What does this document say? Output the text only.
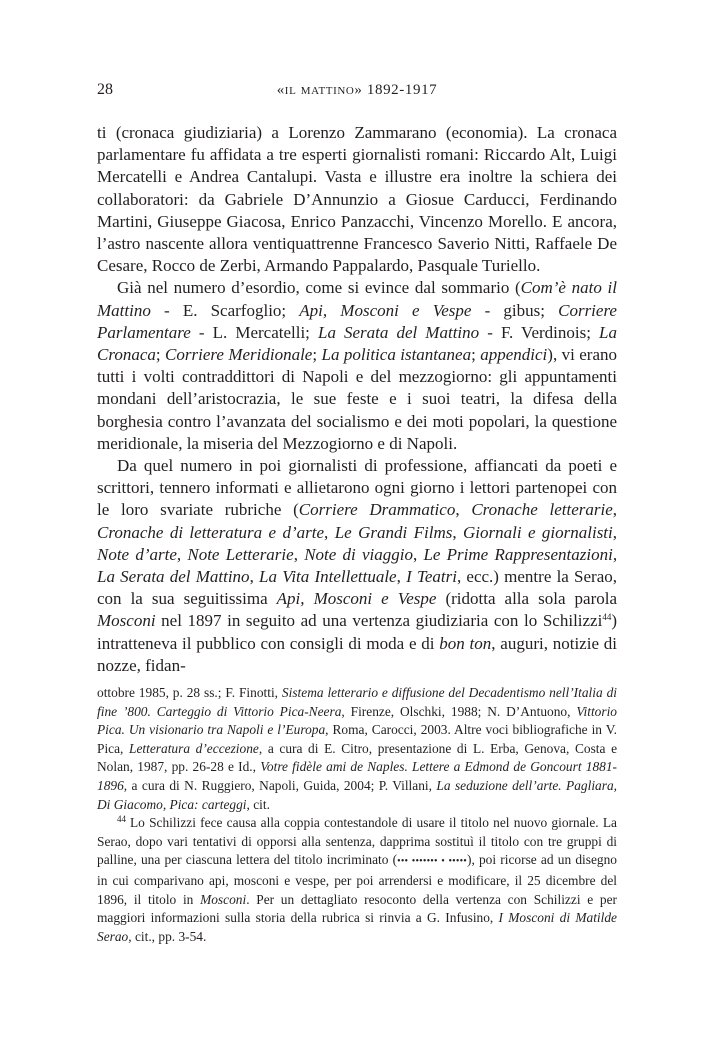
28	«il mattino» 1892-1917

ti (cronaca giudiziaria) a Lorenzo Zammarano (economia). La cronaca parlamentare fu affidata a tre esperti giornalisti romani: Riccardo Alt, Luigi Mercatelli e Andrea Cantalupi. Vasta e illustre era inoltre la schiera dei collaboratori: da Gabriele D’Annunzio a Giosue Carducci, Ferdinando Martini, Giuseppe Giacosa, Enrico Panzacchi, Vincenzo Morello. E ancora, l’astro nascente allora ventiquattrenne Francesco Saverio Nitti, Raffaele De Cesare, Rocco de Zerbi, Armando Pappalardo, Pasquale Turiello.

Già nel numero d’esordio, come si evince dal sommario (Com’è nato il Mattino - E. Scarfoglio; Api, Mosconi e Vespe - gibus; Corriere Parlamentare - L. Mercatelli; La Serata del Mattino - F. Verdinois; La Cronaca; Corriere Meridionale; La politica istantanea; appendici), vi erano tutti i volti contraddittori di Napoli e del mezzogiorno: gli appuntamenti mondani dell’aristocrazia, le sue feste e i suoi teatri, la difesa della borghesia contro l’avanzata del socialismo e dei moti popolari, la questione meridionale, la miseria del Mezzogiorno e di Napoli.

Da quel numero in poi giornalisti di professione, affiancati da poeti e scrittori, tennero informati e allietarono ogni giorno i lettori partenopei con le loro svariate rubriche (Corriere Drammatico, Cronache letterarie, Cronache di letteratura e d’arte, Le Grandi Films, Giornali e giornalisti, Note d’arte, Note Letterarie, Note di viaggio, Le Prime Rappresentazioni, La Serata del Mattino, La Vita Intellettuale, I Teatri, ecc.) mentre la Serao, con la sua seguitissima Api, Mosconi e Vespe (ridotta alla sola parola Mosconi nel 1897 in seguito ad una vertenza giudiziaria con lo Schilizzi$^{44}$) intratteneva il pubblico con consigli di moda e di bon ton, auguri, notizie di nozze, fidan-

ottobre 1985, p. 28 ss.; F. Finotti, Sistema letterario e diffusione del Decadentismo nell’Italia di fine ’800. Carteggio di Vittorio Pica-Neera, Firenze, Olschki, 1988; N. D’Antuono, Vittorio Pica. Un visionario tra Napoli e l’Europa, Roma, Carocci, 2003. Altre voci bibliografiche in V. Pica, Letteratura d’eccezione, a cura di E. Citro, presentazione di L. Erba, Genova, Costa e Nolan, 1987, pp. 26-28 e Id., Votre fidèle ami de Naples. Lettere a Edmond de Goncourt 1881-1896, a cura di N. Ruggiero, Napoli, Guida, 2004; P. Villani, La seduzione dell’arte. Pagliara, Di Giacomo, Pica: carteggi, cit.

$^{44}$ Lo Schilizzi fece causa alla coppia contestandole di usare il titolo nel nuovo giornale. La Serao, dopo vari tentativi di opporsi alla sentenza, dapprima sostituì il titolo con tre gruppi di palline, una per ciascuna lettera del titolo incriminato (••• ••••••• • •••••), poi ricorse ad un disegno in cui comparivano api, mosconi e vespe, per poi arrendersi e modificare, il 25 dicembre del 1896, il titolo in Mosconi. Per un dettagliato resoconto della vertenza con Schilizzi e per maggiori informazioni sulla storia della rubrica si rinvia a G. Infusino, I Mosconi di Matilde Serao, cit., pp. 3-54.
